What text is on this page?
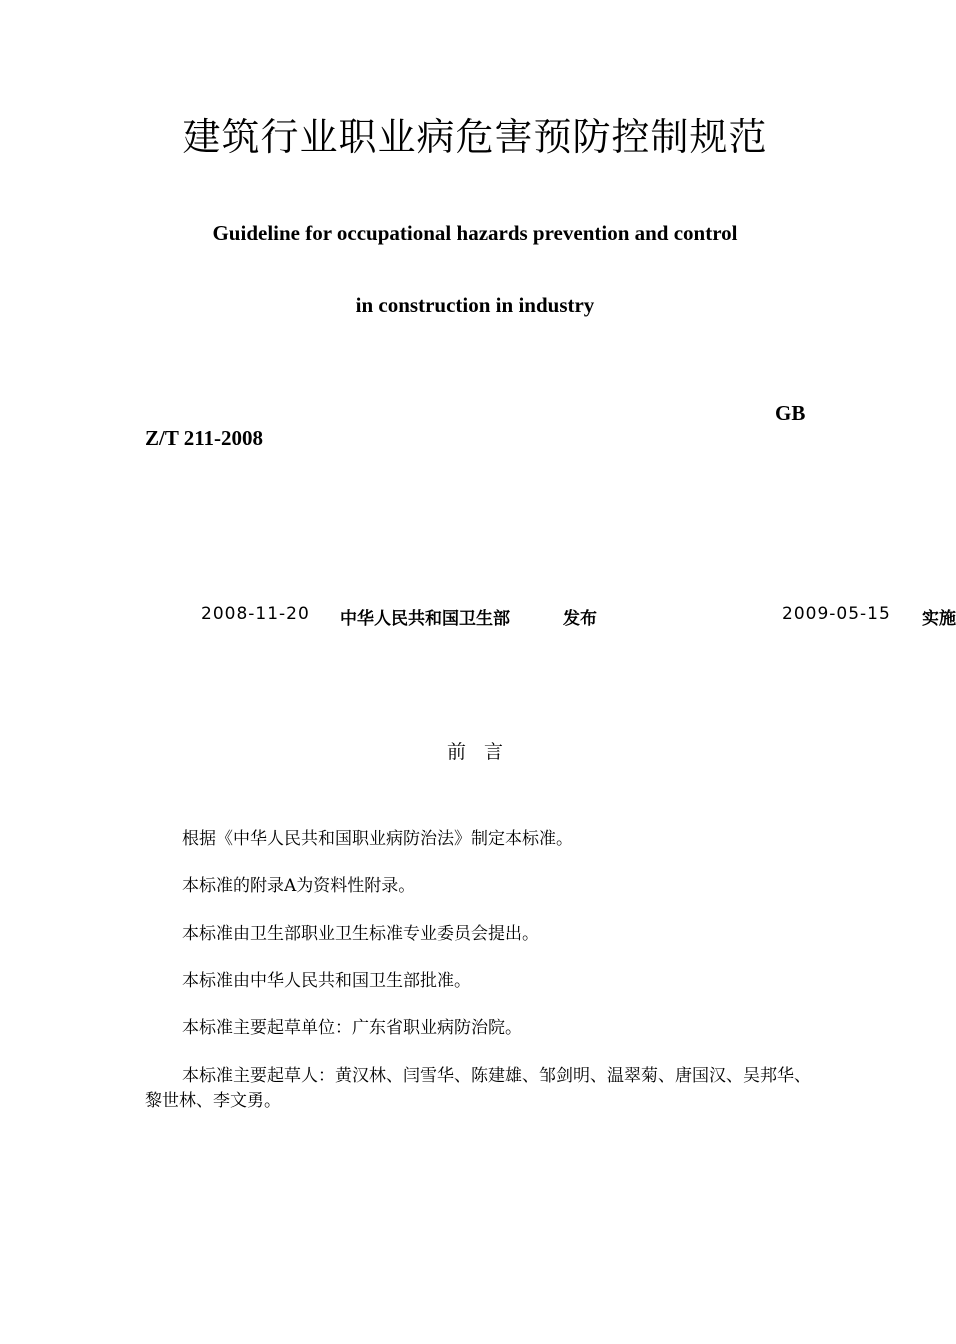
建筑行业职业病危害预防控制规范
Guideline for occupational hazards prevention and control
in construction in industry
GB
Z/T 211-2008
2008-11-20 中华人民共和国卫生部	发布	2009-05-15 实施
前言
根据《中华人民共和国职业病防治法》制定本标准。
本标准的附录A为资料性附录。
本标准由卫生部职业卫生标准专业委员会提出。
本标准由中华人民共和国卫生部批准。
本标准主要起草单位：广东省职业病防治院。
本标准主要起草人：黄汉林、闫雪华、陈建雄、邹剑明、温翠菊、唐国汉、吴邦华、黎世林、李文勇。
